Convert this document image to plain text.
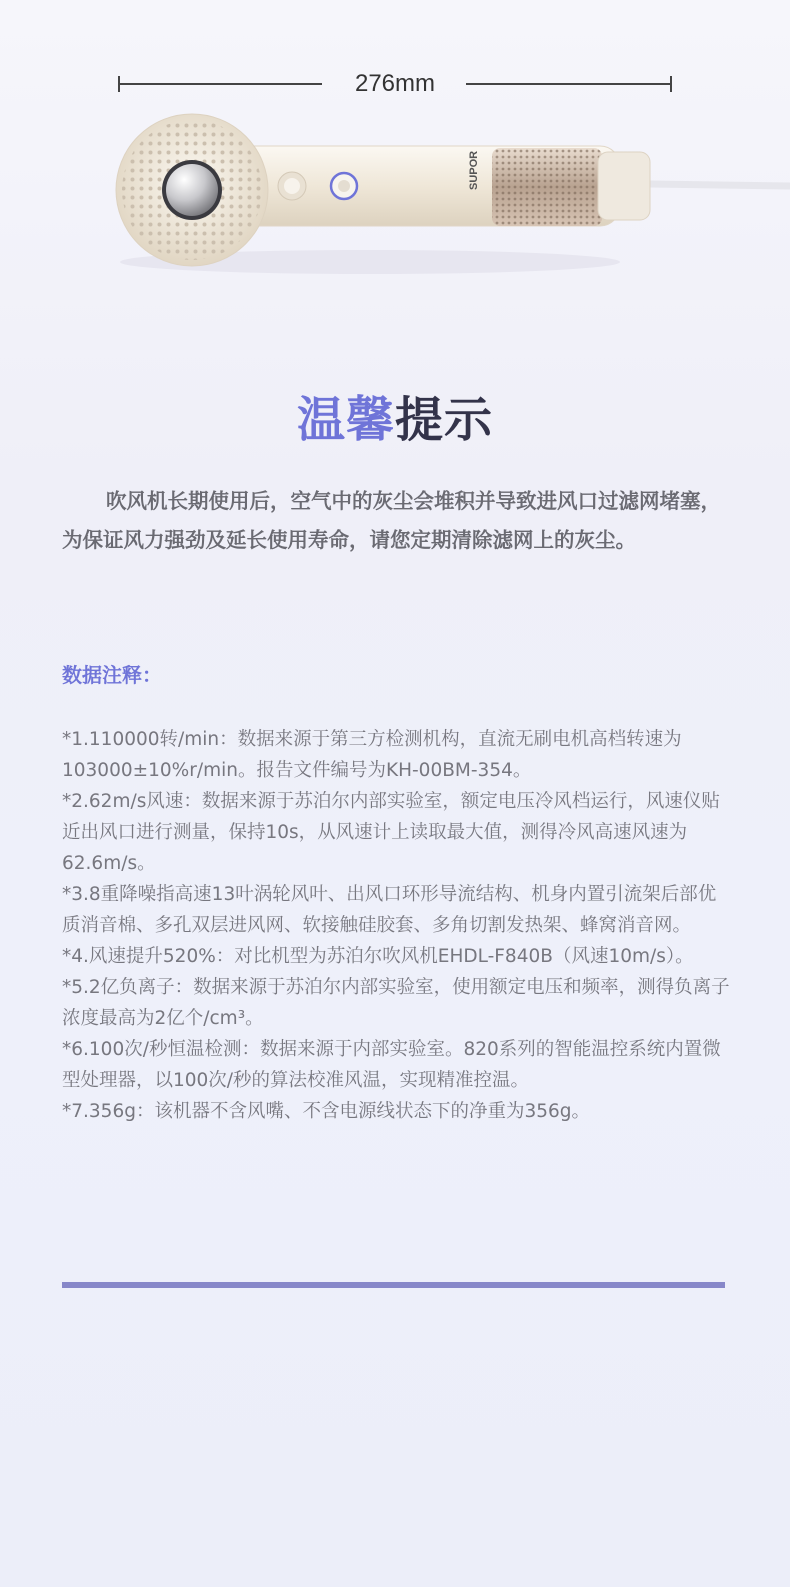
276mm
SUPOR
温馨提示
吹风机长期使用后，空气中的灰尘会堆积并导致进风口过滤网堵塞，为保证风力强劲及延长使用寿命，请您定期清除滤网上的灰尘。
数据注释：
*1.110000转/min：数据来源于第三方检测机构，直流无刷电机高档转速为103000±10%r/min。报告文件编号为KH-00BM-354。
*2.62m/s风速：数据来源于苏泊尔内部实验室，额定电压冷风档运行，风速仪贴近出风口进行测量，保持10s，从风速计上读取最大值，测得冷风高速风速为62.6m/s。
*3.8重降噪指高速13叶涡轮风叶、出风口环形导流结构、机身内置引流架后部优质消音棉、多孔双层进风网、软接触硅胶套、多角切割发热架、蜂窝消音网。
*4.风速提升520%：对比机型为苏泊尔吹风机EHDL-F840B（风速10m/s）。
*5.2亿负离子：数据来源于苏泊尔内部实验室，使用额定电压和频率，测得负离子浓度最高为2亿个/cm³。
*6.100次/秒恒温检测：数据来源于内部实验室。820系列的智能温控系统内置微型处理器，以100次/秒的算法校准风温，实现精准控温。
*7.356g：该机器不含风嘴、不含电源线状态下的净重为356g。
